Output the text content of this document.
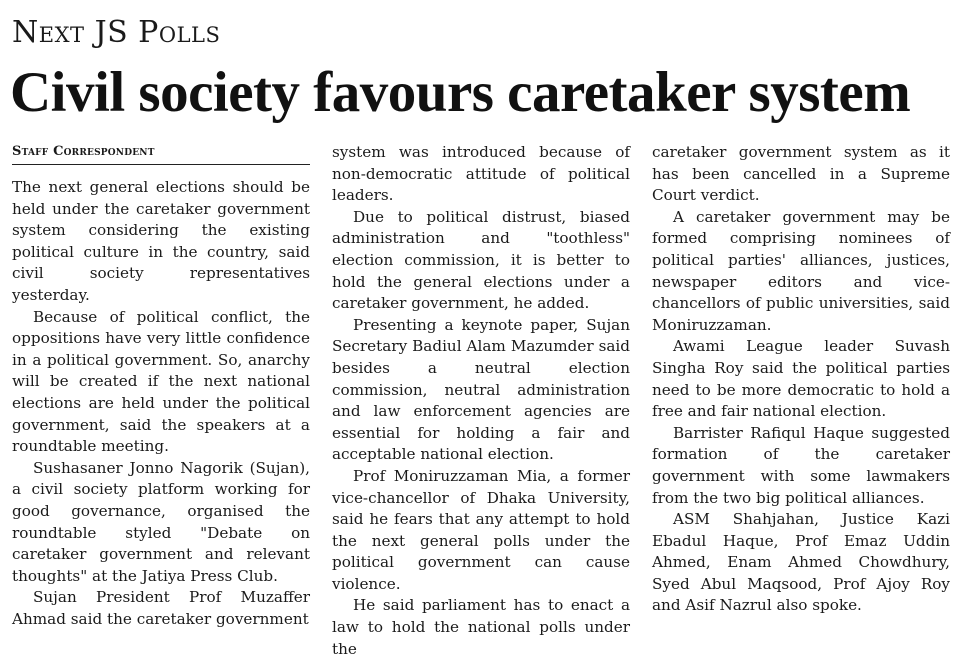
Next JS Polls
Civil society favours caretaker system
Staff Correspondent

The next general elections should be held under the caretaker government system considering the existing political culture in the country, said civil society representatives yesterday.

Because of political conflict, the oppositions have very little confidence in a political government. So, anarchy will be created if the next national elections are held under the political government, said the speakers at a roundtable meeting.

Sushasaner Jonno Nagorik (Sujan), a civil society platform working for good governance, organised the roundtable styled "Debate on caretaker government and relevant thoughts" at the Jatiya Press Club.

Sujan President Prof Muzaffer Ahmad said the caretaker government

system was introduced because of non-democratic attitude of political leaders.

Due to political distrust, biased administration and "toothless" election commission, it is better to hold the general elections under a caretaker government, he added.

Presenting a keynote paper, Sujan Secretary Badiul Alam Mazumder said besides a neutral election commission, neutral administration and law enforcement agencies are essential for holding a fair and acceptable national election.

Prof Moniruzzaman Mia, a former vice-chancellor of Dhaka University, said he fears that any attempt to hold the next general polls under the political government can cause violence.

He said parliament has to enact a law to hold the national polls under the

caretaker government system as it has been cancelled in a Supreme Court verdict.

A caretaker government may be formed comprising nominees of political parties' alliances, justices, newspaper editors and vice-chancellors of public universities, said Moniruzzaman.

Awami League leader Suvash Singha Roy said the political parties need to be more democratic to hold a free and fair national election.

Barrister Rafiqul Haque suggested formation of the caretaker government with some lawmakers from the two big political alliances.

ASM Shahjahan, Justice Kazi Ebadul Haque, Prof Emaz Uddin Ahmed, Enam Ahmed Chowdhury, Syed Abul Maqsood, Prof Ajoy Roy and Asif Nazrul also spoke.
